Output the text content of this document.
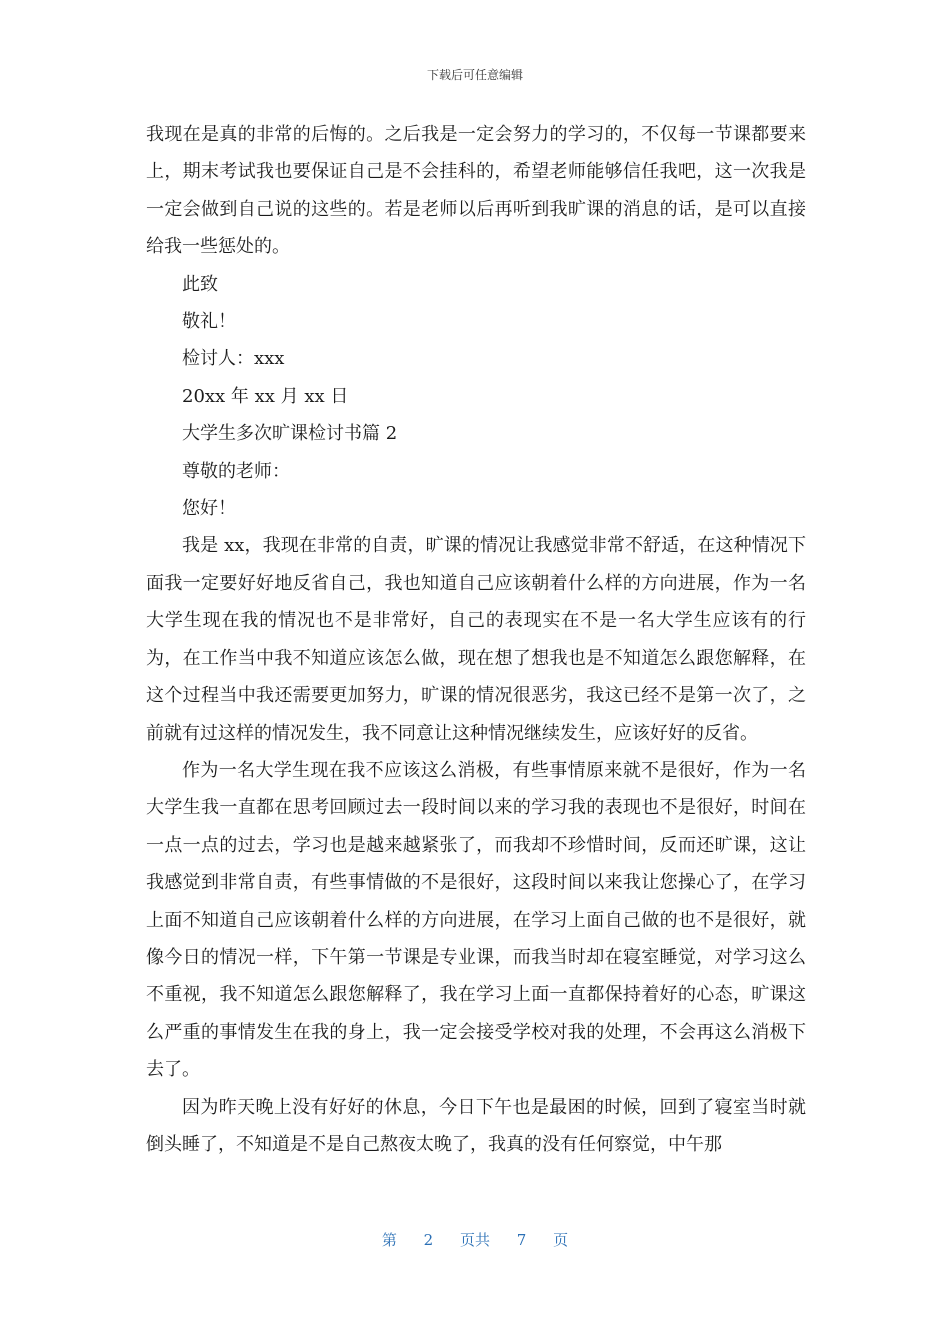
下载后可任意编辑

我现在是真的非常的后悔的。之后我是一定会努力的学习的，不仅每一节课都要来上，期末考试我也要保证自己是不会挂科的，希望老师能够信任我吧，这一次我是一定会做到自己说的这些的。若是老师以后再听到我旷课的消息的话，是可以直接给我一些惩处的。

此致

敬礼！

检讨人：xxx

20xx 年 xx 月 xx 日

大学生多次旷课检讨书篇 2

尊敬的老师：

您好！

我是 xx，我现在非常的自责，旷课的情况让我感觉非常不舒适，在这种情况下面我一定要好好地反省自己，我也知道自己应该朝着什么样的方向进展，作为一名大学生现在我的情况也不是非常好，自己的表现实在不是一名大学生应该有的行为，在工作当中我不知道应该怎么做，现在想了想我也是不知道怎么跟您解释，在这个过程当中我还需要更加努力，旷课的情况很恶劣，我这已经不是第一次了，之前就有过这样的情况发生，我不同意让这种情况继续发生，应该好好的反省。

作为一名大学生现在我不应该这么消极，有些事情原来就不是很好，作为一名大学生我一直都在思考回顾过去一段时间以来的学习我的表现也不是很好，时间在一点一点的过去，学习也是越来越紧张了，而我却不珍惜时间，反而还旷课，这让我感觉到非常自责，有些事情做的不是很好，这段时间以来我让您操心了，在学习上面不知道自己应该朝着什么样的方向进展，在学习上面自己做的也不是很好，就像今日的情况一样，下午第一节课是专业课，而我当时却在寝室睡觉，对学习这么不重视，我不知道怎么跟您解释了，我在学习上面一直都保持着好的心态，旷课这么严重的事情发生在我的身上，我一定会接受学校对我的处理，不会再这么消极下去了。

因为昨天晚上没有好好的休息，今日下午也是最困的时候，回到了寝室当时就倒头睡了，不知道是不是自己熬夜太晚了，我真的没有任何察觉，中午那

第 2 页共 7 页
